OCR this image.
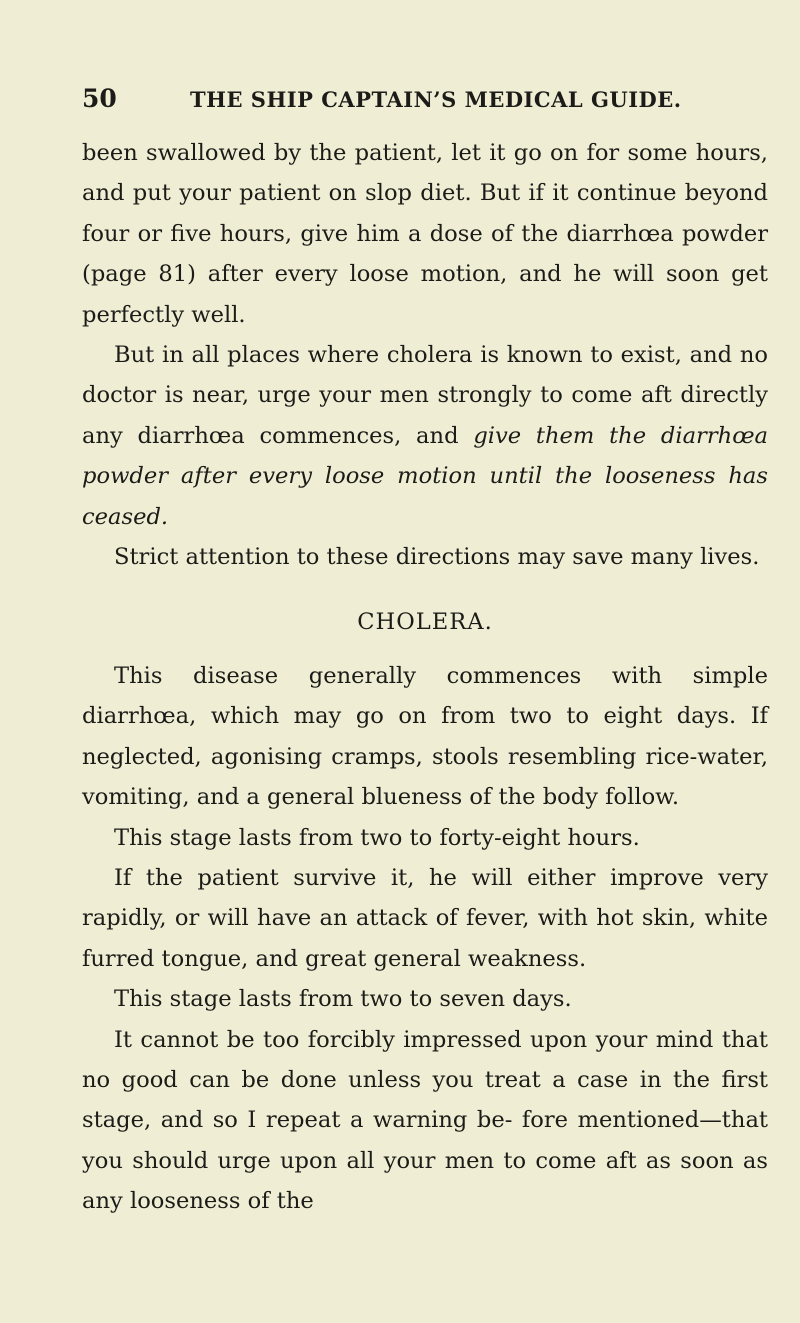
50	THE SHIP CAPTAIN’S MEDICAL GUIDE.

been swallowed by the patient, let it go on for some hours, and put your patient on slop diet. But if it continue beyond four or five hours, give him a dose of the diarrhœa powder (page 81) after every loose motion, and he will soon get perfectly well.

But in all places where cholera is known to exist, and no doctor is near, urge your men strongly to come aft directly any diarrhœa commences, and give them the diarrhœa powder after every loose motion until the looseness has ceased.

Strict attention to these directions may save many lives.

CHOLERA.

This disease generally commences with simple diarrhœa, which may go on from two to eight days. If neglected, agonising cramps, stools resembling rice-water, vomiting, and a general blueness of the body follow.

This stage lasts from two to forty-eight hours.

If the patient survive it, he will either improve very rapidly, or will have an attack of fever, with hot skin, white furred tongue, and great general weakness.

This stage lasts from two to seven days.

It cannot be too forcibly impressed upon your mind that no good can be done unless you treat a case in the first stage, and so I repeat a warning be- fore mentioned—that you should urge upon all your men to come aft as soon as any looseness of the
